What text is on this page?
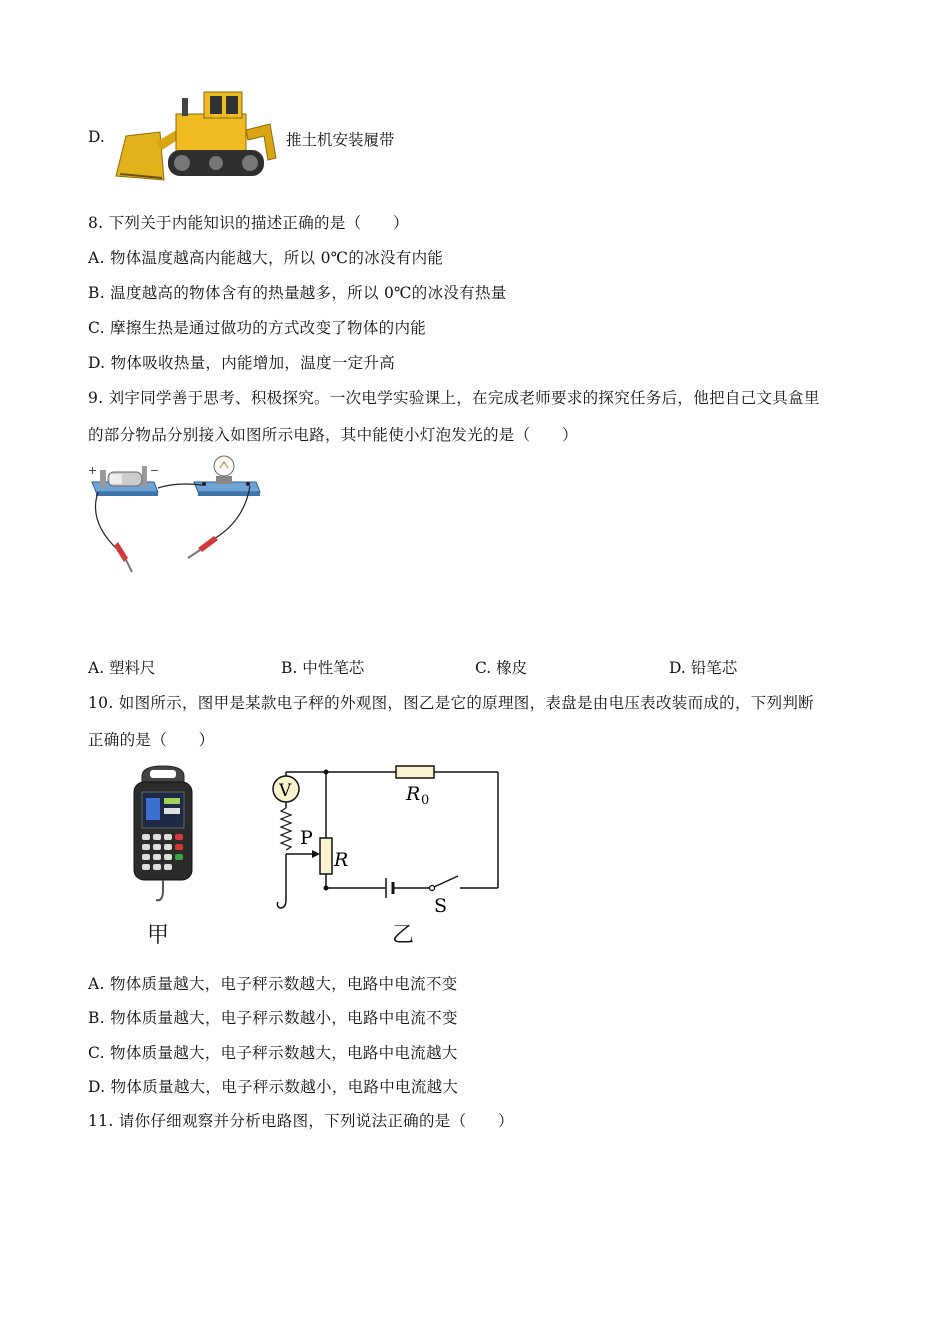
D.	推土机安装履带
8. 下列关于内能知识的描述正确的是（　　）
A. 物体温度越高内能越大，所以 0℃的冰没有内能
B. 温度越高的物体含有的热量越多，所以 0℃的冰没有热量
C. 摩擦生热是通过做功的方式改变了物体的内能
D. 物体吸收热量，内能增加，温度一定升高
9. 刘宇同学善于思考、积极探究。一次电学实验课上，在完成老师要求的探究任务后，他把自己文具盒里
的部分物品分别接入如图所示电路，其中能使小灯泡发光的是（　　）
+	−
A. 塑料尺	B. 中性笔芯	C. 橡皮	D. 铅笔芯
10. 如图所示，图甲是某款电子秤的外观图，图乙是它的原理图，表盘是由电压表改装而成的，下列判断
正确的是（　　）
甲
R 0
V
P
R
S
乙
A. 物体质量越大，电子秤示数越大，电路中电流不变
B. 物体质量越大，电子秤示数越小，电路中电流不变
C. 物体质量越大，电子秤示数越大，电路中电流越大
D. 物体质量越大，电子秤示数越小，电路中电流越大
11. 请你仔细观察并分析电路图，下列说法正确的是（　　）
